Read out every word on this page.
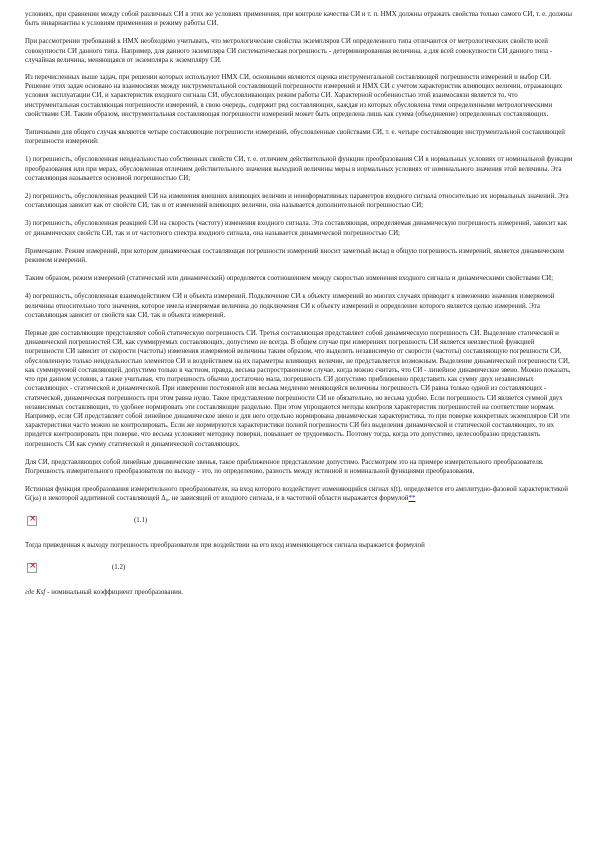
условиях, при сравнении между собой различных СИ в этих же условиях применения, при контроле качества СИ и т. п. НМХ должны отражать свойства только самого СИ, т. е. должны быть инвариантны к условиям применения и режиму работы СИ.

При рассмотрении требований к НМХ необходимо учитывать, что метрологические свойства экземпляров СИ определенного типа отличаются от метрологических свойств всей совокупности СИ данного типа. Например, для данного экземпляра СИ систематическая погрешность - детерминированная величина, а для всей совокупности СИ данного типа - случайная величина, меняющаяся от экземпляра к экземпляру СИ.

Из перечисленных выше задач, при решении которых используют НМХ СИ, основными являются оценка инструментальной составляющей погрешности измерений и выбор СИ. Решение этих задач основано на взаимосвязи между инструментальной составляющей погрешности измерений и НМХ СИ с учетом характеристик влияющих величин, отражающих условия эксплуатации СИ, и характеристик входного сигнала СИ, обусловливающих режим работы СИ. Характерной особенностью этой взаимосвязи является то, что инструментальная составляющая погрешности измерений, в свою очередь, содержит ряд составляющих, каждая из которых обусловлена теми определенными метрологическими свойствами СИ. Таким образом, инструментальная составляющая погрешности измерений может быть определена лишь как сумма (объединение) определенных составляющих.

Типичными для общего случая являются четыре составляющие погрешности измерений, обусловленные свойствами СИ, т. е. четыре составляющие инструментальной составляющей погрешности измерений:

1) погрешность, обусловленная неидеальностью собственных свойств СИ, т. е. отличием действительной функции преобразования СИ в нормальных условиях от номинальной функции преобразования или при мерах, обусловленная отличием действительного значения выходной величины меры в нормальных условиях от номинального значения этой величины. Эта составляющая называется основной погрешностью СИ;

2) погрешность, обусловленная реакцией СИ на изменения внешних влияющих величин и неинформативных параметров входного сигнала относительно их нормальных значений. Эта составляющая зависит как от свойств СИ, так и от изменений влияющих величин, она называется дополнительной погрешностью СИ;

3) погрешность, обусловленная реакцией СИ на скорость (частоту) изменения входного сигнала. Эта составляющая, определяемая динамическую погрешность измерений, зависит как от динамических свойств СИ, так и от частотного спектра входного сигнала, она называется динамической погрешностью СИ;

Примечание. Режим измерений, при котором динамическая составляющая погрешности измерений вносит заметный вклад в общую погрешность измерений, является динамическим режимом измерений.

Таким образом, режим измерений (статический или динамический) определяется соотношением между скоростью изменения входного сигнала и динамическими свойствами СИ;

4) погрешность, обусловленная взаимодействием СИ и объекта измерений. Подключение СИ к объекту измерений во многих случаях приводит к изменению значения измеряемой величины относительно того значения, которое имела измеряемая величина до подключения СИ к объекту измерений и определение которого является целью измерений. Эта составляющая зависит от свойств как СИ, так и объекта измерений.

Первые две составляющие представляют собой статическую погрешность СИ. Третья составляющая представляет собой динамическую погрешность СИ. Выделение статической и динамической погрешностей СИ, как суммируемых составляющих, допустимо не всегда. В общем случае при измерениях погрешность СИ является неизвестной функцией погрешности СИ зависит от скорости (частоты) изменения измеряемой величины таким образом, что выделить независимую от скорости (частоты) составляющую погрешности СИ, обусловленную только неидеальностью элементов СИ и воздействием на их параметры влияющих величин, не представляется возможным. Выделение динамической погрешности СИ, как суммируемой составляющей, допустимо только в частном, правда, весьма распространенном случае, когда можно считать, что СИ - линейное динамическое звено. Можно показать, что при данном условии, а также учитывая, что погрешность обычно достаточно мала, погрешность СИ допустимо приближенно представить как сумму двух независимых составляющих - статической и динамической. При измерении постоянной или весьма медленно меняющейся величины погрешность СИ равна только одной из составляющих - статической, динамическая погрешность при этом равна нулю. Такое представление погрешности СИ не обязательно, но весьма удобно. Если погрешность СИ является суммой двух независимых составляющих, то удобнее нормировать эти составляющие раздельно. При этом упрощаются методы контроля характеристик погрешностей на соответствие нормам. Например, если СИ представляет собой линейное динамическое звено и для него отдельно нормирована динамическая характеристика, то при поверке конкретных экземпляров СИ эти характеристики часто можно не контролировать. Если же нормируются характеристики полной погрешности СИ без выделения динамической и статической составляющих, то их придется контролировать при поверке, что весьма усложняет методику поверки, повышает ее трудоемкость. Поэтому тогда, когда это допустимо, целесообразно представлять погрешность СИ как сумму статической и динамической составляющих.

Для СИ, представляющих собой линейные динамические звенья, такое приближенное представление допустимо. Рассмотрим это на примере измерительного преобразователя. Погрешность измерительного преобразователя по выходу - это, по определению, разность между истинной и номинальной функциями преобразования.

Истинная функция преобразования измерительного преобразователя, на вход которого воздействует изменяющийся сигнал x(t), определяется его амплитудно-фазовой характеристикой G(jω) и некоторой аддитивной составляющей Δ₀, не зависящей от входного сигнала, и в частотной области выражается формулой**

×
(1.1)

Тогда приведенная к выходу погрешность преобразователя при воздействии на его вход изменяющегося сигнала выражается формулой

×
(1.2)

где Кsf - номинальный коэффициент преобразования.
